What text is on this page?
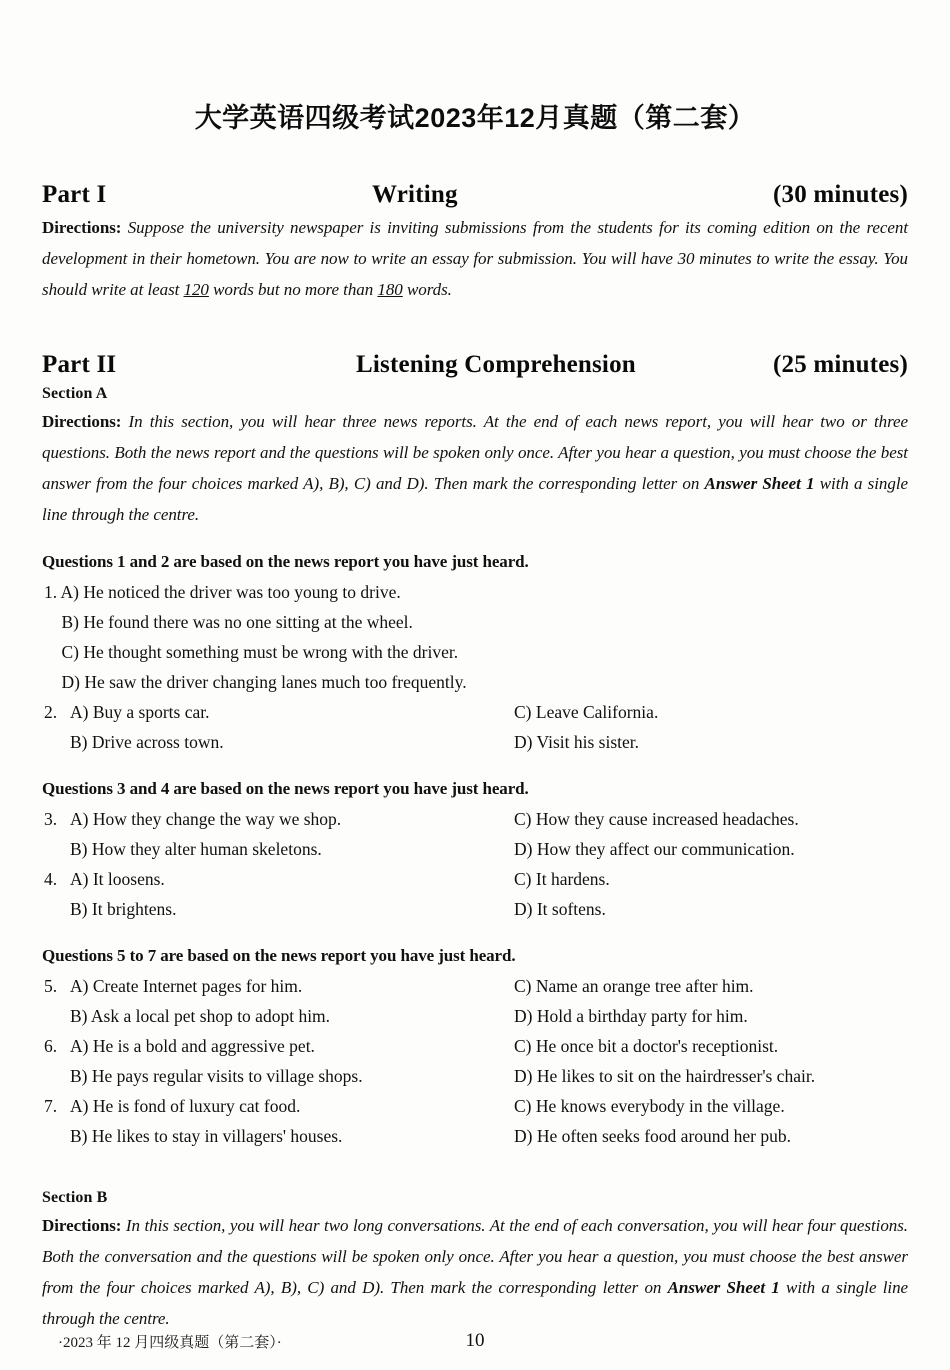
大学英语四级考试2023年12月真题（第二套）
Part I	Writing	(30 minutes)
Directions: Suppose the university newspaper is inviting submissions from the students for its coming edition on the recent development in their hometown. You are now to write an essay for submission. You will have 30 minutes to write the essay. You should write at least 120 words but no more than 180 words.
Part II	Listening Comprehension	(25 minutes)
Section A
Directions: In this section, you will hear three news reports. At the end of each news report, you will hear two or three questions. Both the news report and the questions will be spoken only once. After you hear a question, you must choose the best answer from the four choices marked A), B), C) and D). Then mark the corresponding letter on Answer Sheet 1 with a single line through the centre.
Questions 1 and 2 are based on the news report you have just heard.
1. A) He noticed the driver was too young to drive.
B) He found there was no one sitting at the wheel.
C) He thought something must be wrong with the driver.
D) He saw the driver changing lanes much too frequently.
2. A) Buy a sports car.	C) Leave California.
B) Drive across town.	D) Visit his sister.
Questions 3 and 4 are based on the news report you have just heard.
3. A) How they change the way we shop.	C) How they cause increased headaches.
B) How they alter human skeletons.	D) How they affect our communication.
4. A) It loosens.	C) It hardens.
B) It brightens.	D) It softens.
Questions 5 to 7 are based on the news report you have just heard.
5. A) Create Internet pages for him.	C) Name an orange tree after him.
B) Ask a local pet shop to adopt him.	D) Hold a birthday party for him.
6. A) He is a bold and aggressive pet.	C) He once bit a doctor's receptionist.
B) He pays regular visits to village shops.	D) He likes to sit on the hairdresser's chair.
7. A) He is fond of luxury cat food.	C) He knows everybody in the village.
B) He likes to stay in villagers' houses.	D) He often seeks food around her pub.
Section B
Directions: In this section, you will hear two long conversations. At the end of each conversation, you will hear four questions. Both the conversation and the questions will be spoken only once. After you hear a question, you must choose the best answer from the four choices marked A), B), C) and D). Then mark the corresponding letter on Answer Sheet 1 with a single line through the centre.
·2023 年 12 月四级真题（第二套）·	10
